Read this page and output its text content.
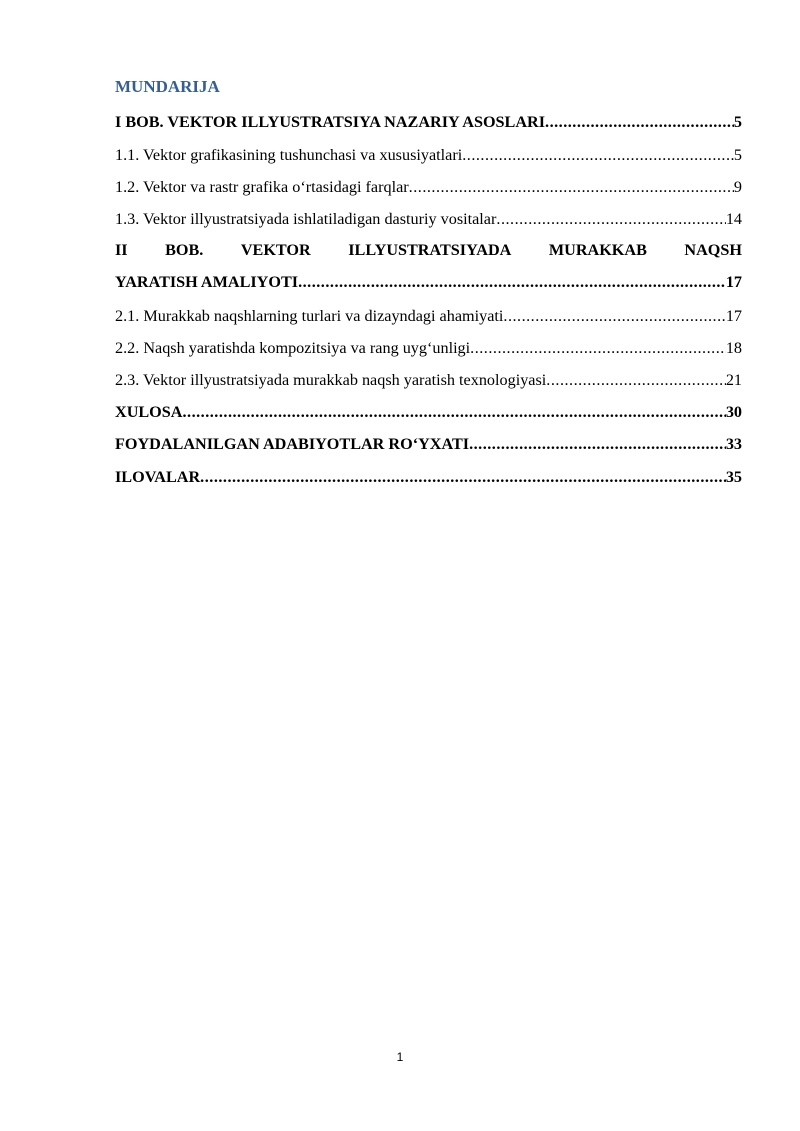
MUNDARIJA
I BOB. VEKTOR ILLYUSTRATSIYA NAZARIY ASOSLARI .....	5
1.1. Vektor grafikasining tushunchasi va xususiyatlari .....	5
1.2. Vektor va rastr grafika o‘rtasidagi farqlar .....	9
1.3. Vektor illyustratsiyada ishlatiladigan dasturiy vositalar .....	14
II BOB. VEKTOR ILLYUSTRATSIYADA MURAKKAB NAQSH
YARATISH AMALIYOTI .....	17
2.1. Murakkab naqshlarning turlari va dizayndagi ahamiyati .....	17
2.2. Naqsh yaratishda kompozitsiya va rang uyg‘unligi .....	18
2.3. Vektor illyustratsiyada murakkab naqsh yaratish texnologiyasi .....	21
XULOSA .....	30
FOYDALANILGAN ADABIYOTLAR RO‘YXATI .....	33
ILOVALAR .....	35
1
